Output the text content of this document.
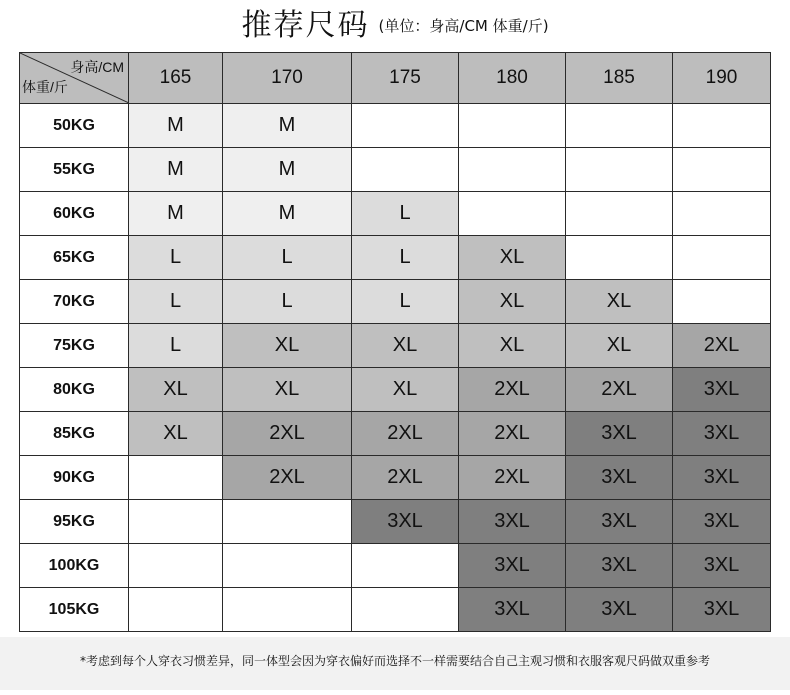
推荐尺码 (单位：身高/CM 体重/斤)
身高/CM
体重/斤	165	170	175	180	185	190
50KG	M	M				
55KG	M	M				
60KG	M	M	L			
65KG	L	L	L	XL		
70KG	L	L	L	XL	XL	
75KG	L	XL	XL	XL	XL	2XL
80KG	XL	XL	XL	2XL	2XL	3XL
85KG	XL	2XL	2XL	2XL	3XL	3XL
90KG		2XL	2XL	2XL	3XL	3XL
95KG			3XL	3XL	3XL	3XL
100KG				3XL	3XL	3XL
105KG				3XL	3XL	3XL
*考虑到每个人穿衣习惯差异，同一体型会因为穿衣偏好而选择不一样需要结合自己主观习惯和衣服客观尺码做双重参考
